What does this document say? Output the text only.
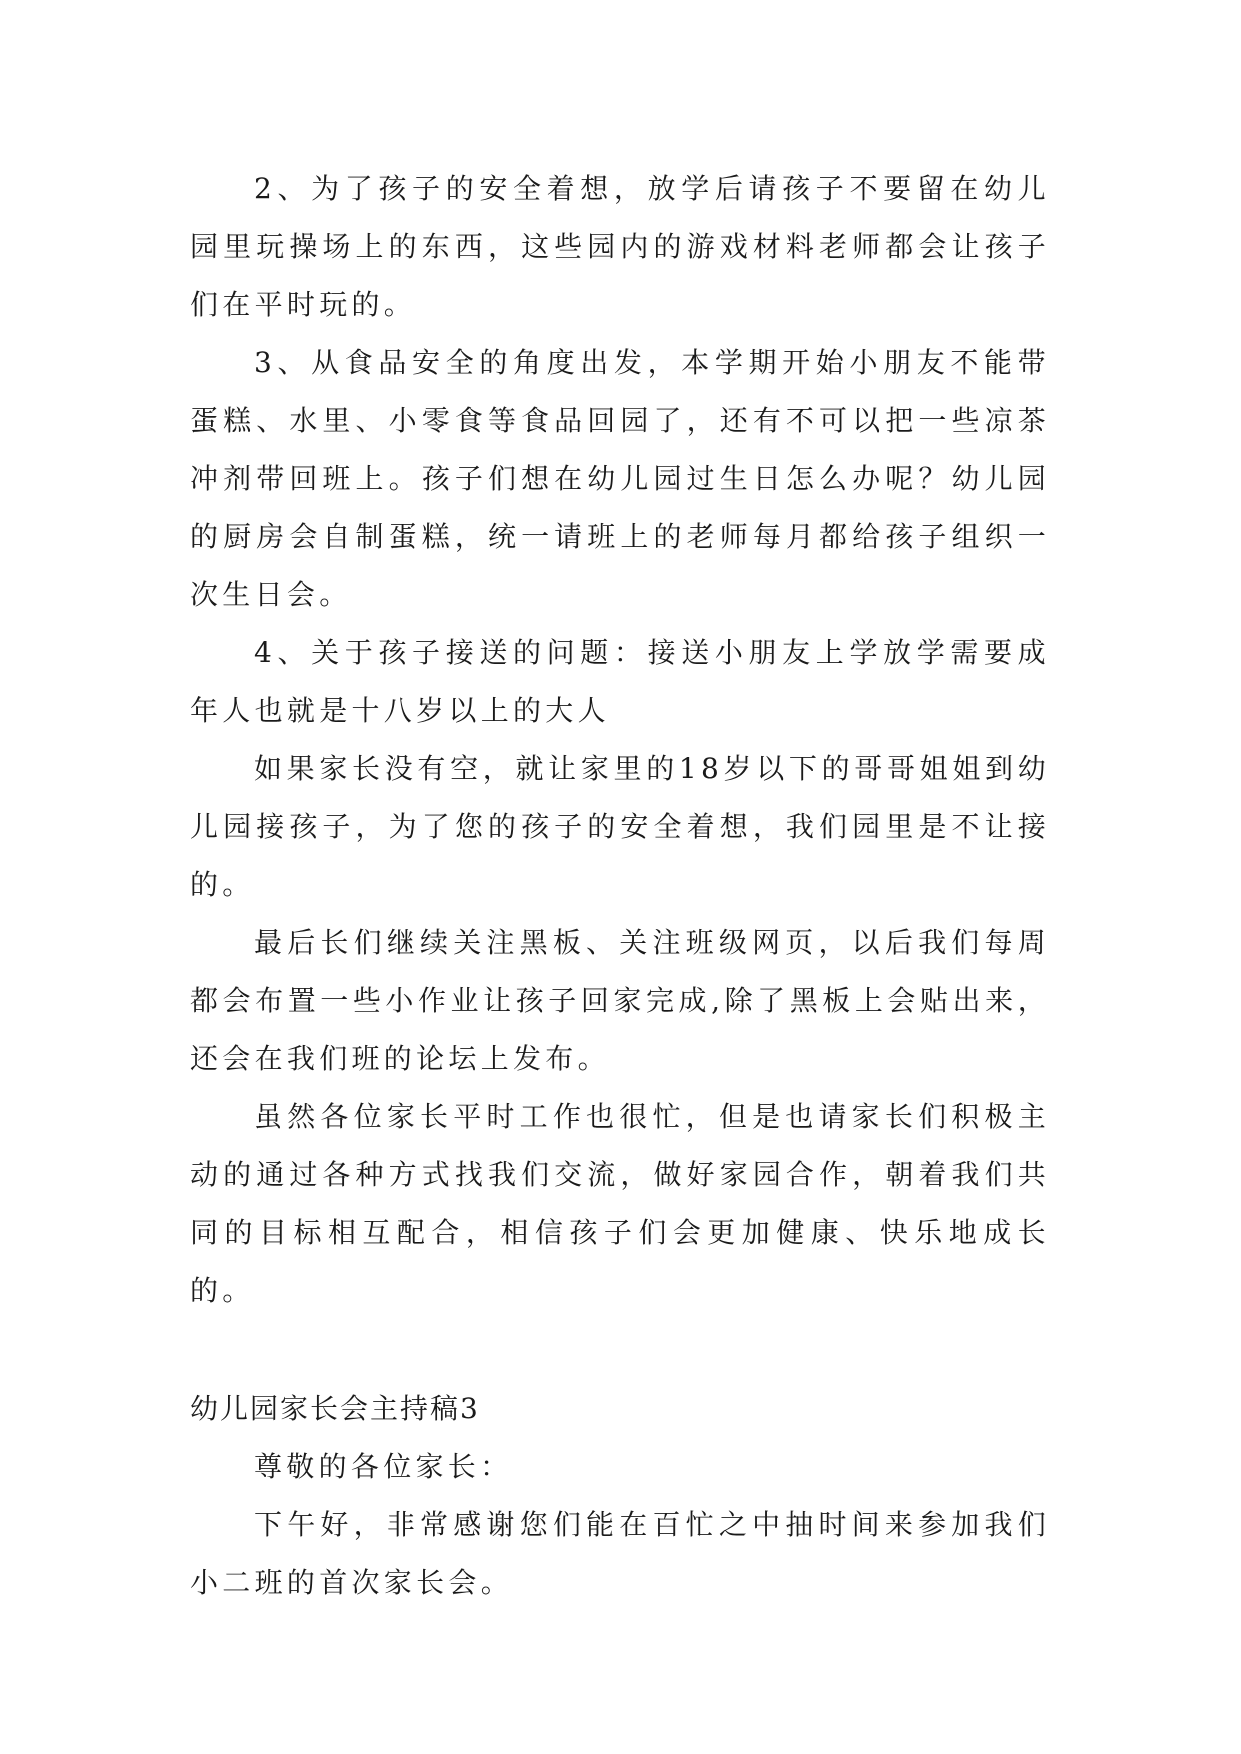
2、为了孩子的安全着想，放学后请孩子不要留在幼儿园里玩操场上的东西，这些园内的游戏材料老师都会让孩子们在平时玩的。

3、从食品安全的角度出发，本学期开始小朋友不能带蛋糕、水里、小零食等食品回园了，还有不可以把一些凉茶冲剂带回班上。孩子们想在幼儿园过生日怎么办呢？幼儿园的厨房会自制蛋糕，统一请班上的老师每月都给孩子组织一次生日会。

4、关于孩子接送的问题：接送小朋友上学放学需要成年人也就是十八岁以上的大人

如果家长没有空，就让家里的18岁以下的哥哥姐姐到幼儿园接孩子，为了您的孩子的安全着想，我们园里是不让接的。

最后长们继续关注黑板、关注班级网页，以后我们每周都会布置一些小作业让孩子回家完成,除了黑板上会贴出来，还会在我们班的论坛上发布。

虽然各位家长平时工作也很忙，但是也请家长们积极主动的通过各种方式找我们交流，做好家园合作，朝着我们共同的目标相互配合，相信孩子们会更加健康、快乐地成长的。

幼儿园家长会主持稿3

尊敬的各位家长：

下午好，非常感谢您们能在百忙之中抽时间来参加我们小二班的首次家长会。
